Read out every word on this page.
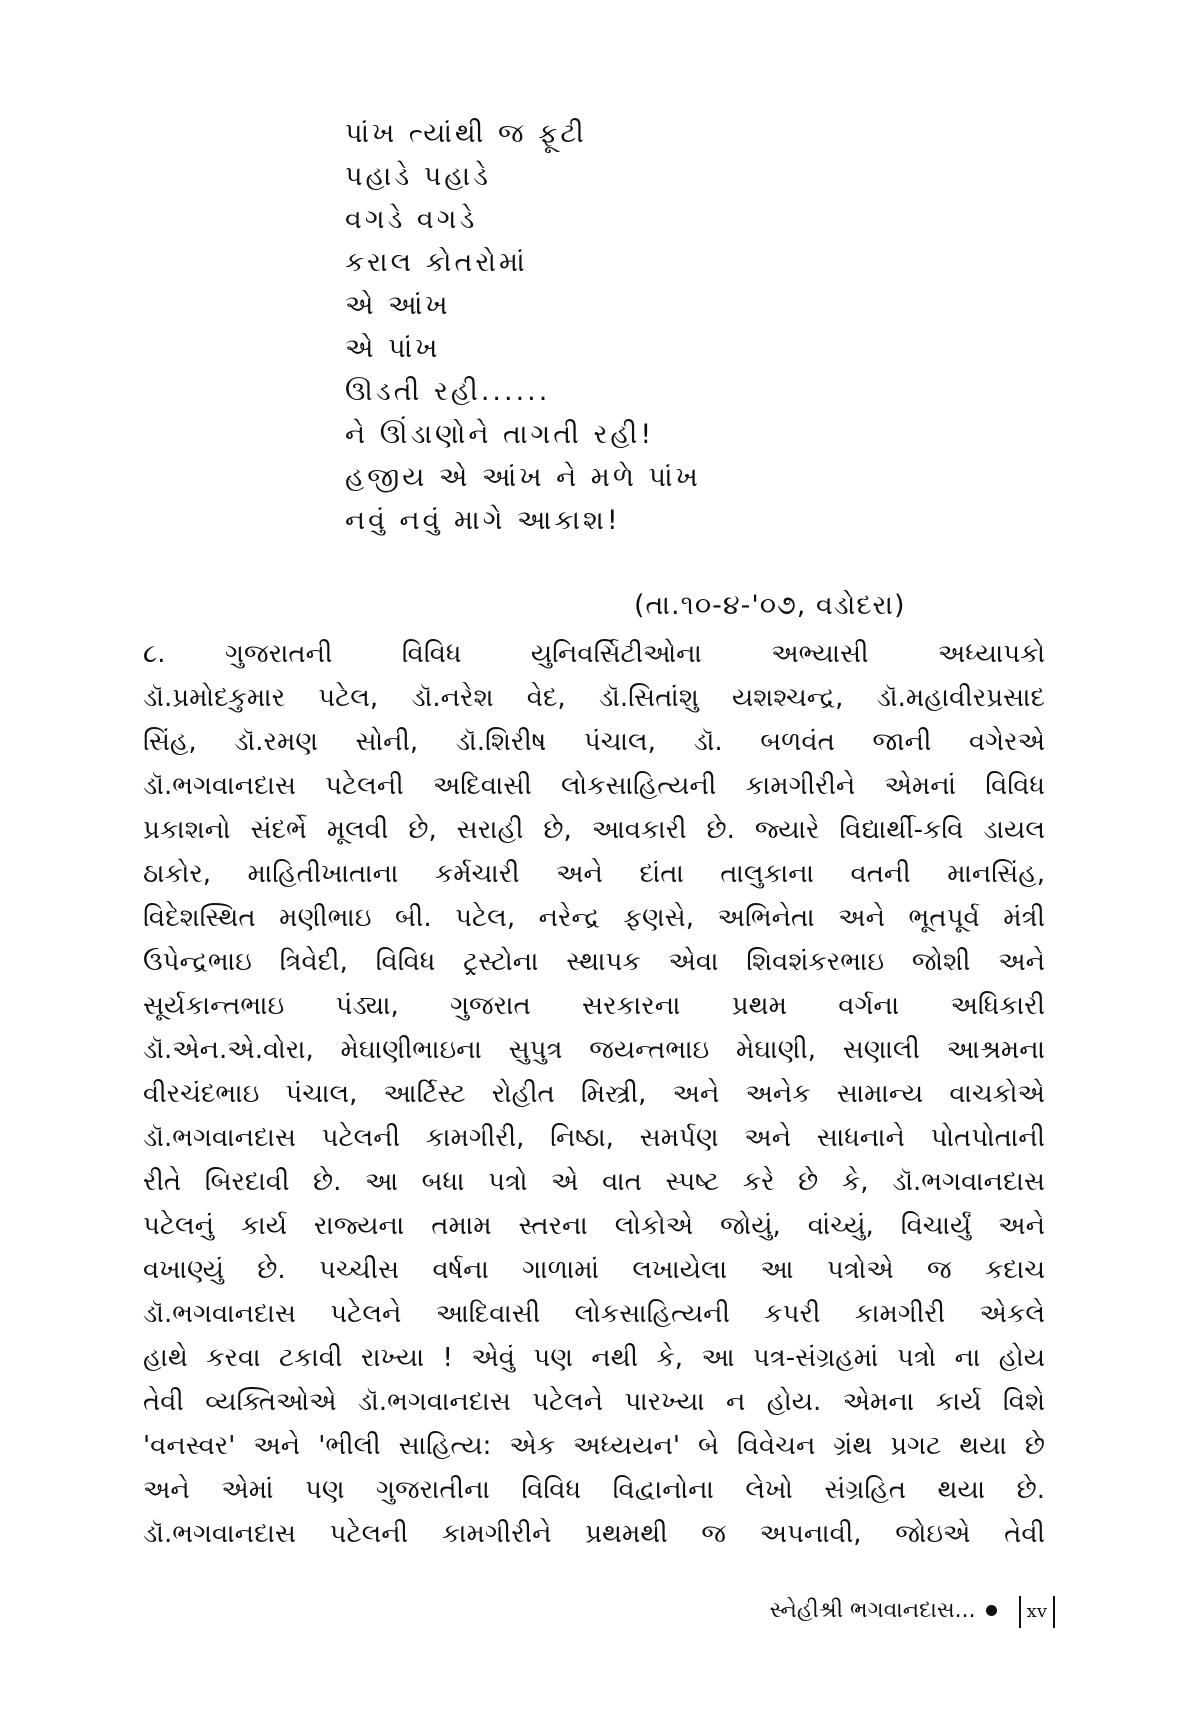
પાંખ ત્યાંથી જ ફૂટી
પહાડે પહાડે
વગડે વગડે
કરાલ કોતરોમાં
એ આંખ
એ પાંખ
ઊડતી રહી......
ને ઊંડાણોને તાગતી રહી!
હજીય એ આંખ ને મળે પાંખ
નવું નવું માગે આકાશ!
(તા.૧૦-૪-'૦૭, વડોદરા)
૮. ગુજરાતની વિવિધ યુનિવર્સિટીઓના અભ્યાસી અધ્યાપકો
ડૉ.પ્રમોદકુમાર પટેલ, ડૉ.નરેશ વેદ, ડૉ.સિતાંશુ યશશ્ચન્દ્ર, ડૉ.મહાવીરપ્રસાદ
સિંહ, ડૉ.રમણ સોની, ડૉ.શિરીષ પંચાલ, ડૉ. બળવંત જાની વગેરએ
ડૉ.ભગવાનદાસ પટેલની અદિવાસી લોકસાહિત્યની કામગીરીને એમનાં વિવિધ
પ્રકાશનો સંદર્ભે મૂલવી છે, સરાહી છે, આવકારી છે. જ્યારે વિદ્યાર્થી-કવિ ડાયલ
ઠાકોર, માહિતીખાતાના કર્મચારી અને દાંતા તાલુકાના વતની માનસિંહ,
વિદેશસ્થિત મણીભાઇ બી. પટેલ, નરેન્દ્ર ફણસે, અભિનેતા અને ભૂતપૂર્વ મંત્રી
ઉપેન્દ્રભાઇ ત્રિવેદી, વિવિધ ટ્રસ્ટોના સ્થાપક એવા શિવશંકરભાઇ જોશી અને
સૂર્યકાન્તભાઇ પંડ્યા, ગુજરાત સરકારના પ્રથમ વર્ગના અધિકારી
ડૉ.એન.એ.વોરા, મેઘાણીભાઇના સુપુત્ર જયન્તભાઇ મેઘાણી, સણાલી આશ્રમના
વીરચંદભાઇ પંચાલ, આર્ટિસ્ટ રોહીત મિસ્ત્રી, અને અનેક સામાન્ય વાચકોએ
ડૉ.ભગવાનદાસ પટેલની કામગીરી, નિષ્ઠા, સમર્પણ અને સાધનાને પોતપોતાની
રીતે બિરદાવી છે. આ બધા પત્રો એ વાત સ્પષ્ટ કરે છે કે, ડૉ.ભગવાનદાસ
પટેલનું કાર્ય રાજ્યના તમામ સ્તરના લોકોએ જોયું, વાંચ્યું, વિચાર્યું અને
વખાણ્યું છે. પચ્ચીસ વર્ષના ગાળામાં લખાયેલા આ પત્રોએ જ કદાચ
ડૉ.ભગવાનદાસ પટેલને આદિવાસી લોકસાહિત્યની કપરી કામગીરી એકલે
હાથે કરવા ટકાવી રાખ્યા ! એવું પણ નથી કે, આ પત્ર-સંગ્રહમાં પત્રો ના હોય
તેવી વ્યક્તિઓએ ડૉ.ભગવાનદાસ પટેલને પારખ્યા ન હોય. એમના કાર્ય વિશે
'વનસ્વર' અને 'ભીલી સાહિત્ય: એક અધ્યયન' બે વિવેચન ગ્રંથ પ્રગટ થયા છે
અને એમાં પણ ગુજરાતીના વિવિધ વિદ્વાનોના લેખો સંગ્રહિત થયા છે.
ડૉ.ભગવાનદાસ પટેલની કામગીરીને પ્રથમથી જ અપનાવી, જોઇએ તેવી
સ્નેહીશ્રી ભગવાનદાસ...	xv
